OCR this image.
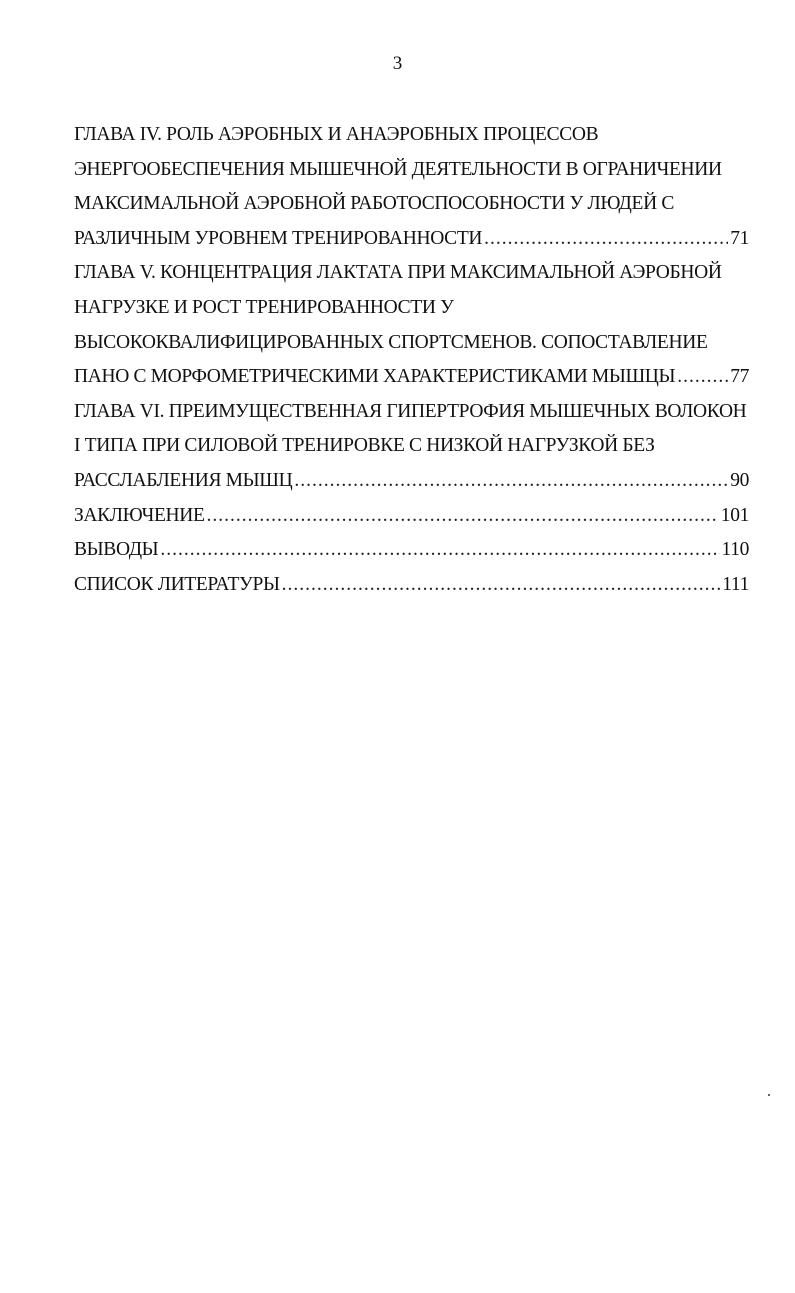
3
ГЛАВА IV. РОЛЬ АЭРОБНЫХ И АНАЭРОБНЫХ ПРОЦЕССОВ
ЭНЕРГООБЕСПЕЧЕНИЯ МЫШЕЧНОЙ ДЕЯТЕЛЬНОСТИ В ОГРАНИЧЕНИИ
МАКСИМАЛЬНОЙ АЭРОБНОЙ РАБОТОСПОСОБНОСТИ У ЛЮДЕЙ С
РАЗЛИЧНЫМ УРОВНЕМ ТРЕНИРОВАННОСТИ .....	71
ГЛАВА V. КОНЦЕНТРАЦИЯ ЛАКТАТА ПРИ МАКСИМАЛЬНОЙ АЭРОБНОЙ
НАГРУЗКЕ И РОСТ ТРЕНИРОВАННОСТИ У
ВЫСОКОКВАЛИФИЦИРОВАННЫХ СПОРТСМЕНОВ. СОПОСТАВЛЕНИЕ
ПАНО С МОРФОМЕТРИЧЕСКИМИ ХАРАКТЕРИСТИКАМИ МЫШЦЫ .....	77
ГЛАВА VI. ПРЕИМУЩЕСТВЕННАЯ ГИПЕРТРОФИЯ МЫШЕЧНЫХ ВОЛОКОН
I ТИПА ПРИ СИЛОВОЙ ТРЕНИРОВКЕ С НИЗКОЙ НАГРУЗКОЙ БЕЗ
РАССЛАБЛЕНИЯ МЫШЦ .....	90
ЗАКЛЮЧЕНИЕ .....	101
ВЫВОДЫ .....	110
СПИСОК ЛИТЕРАТУРЫ .....	111
